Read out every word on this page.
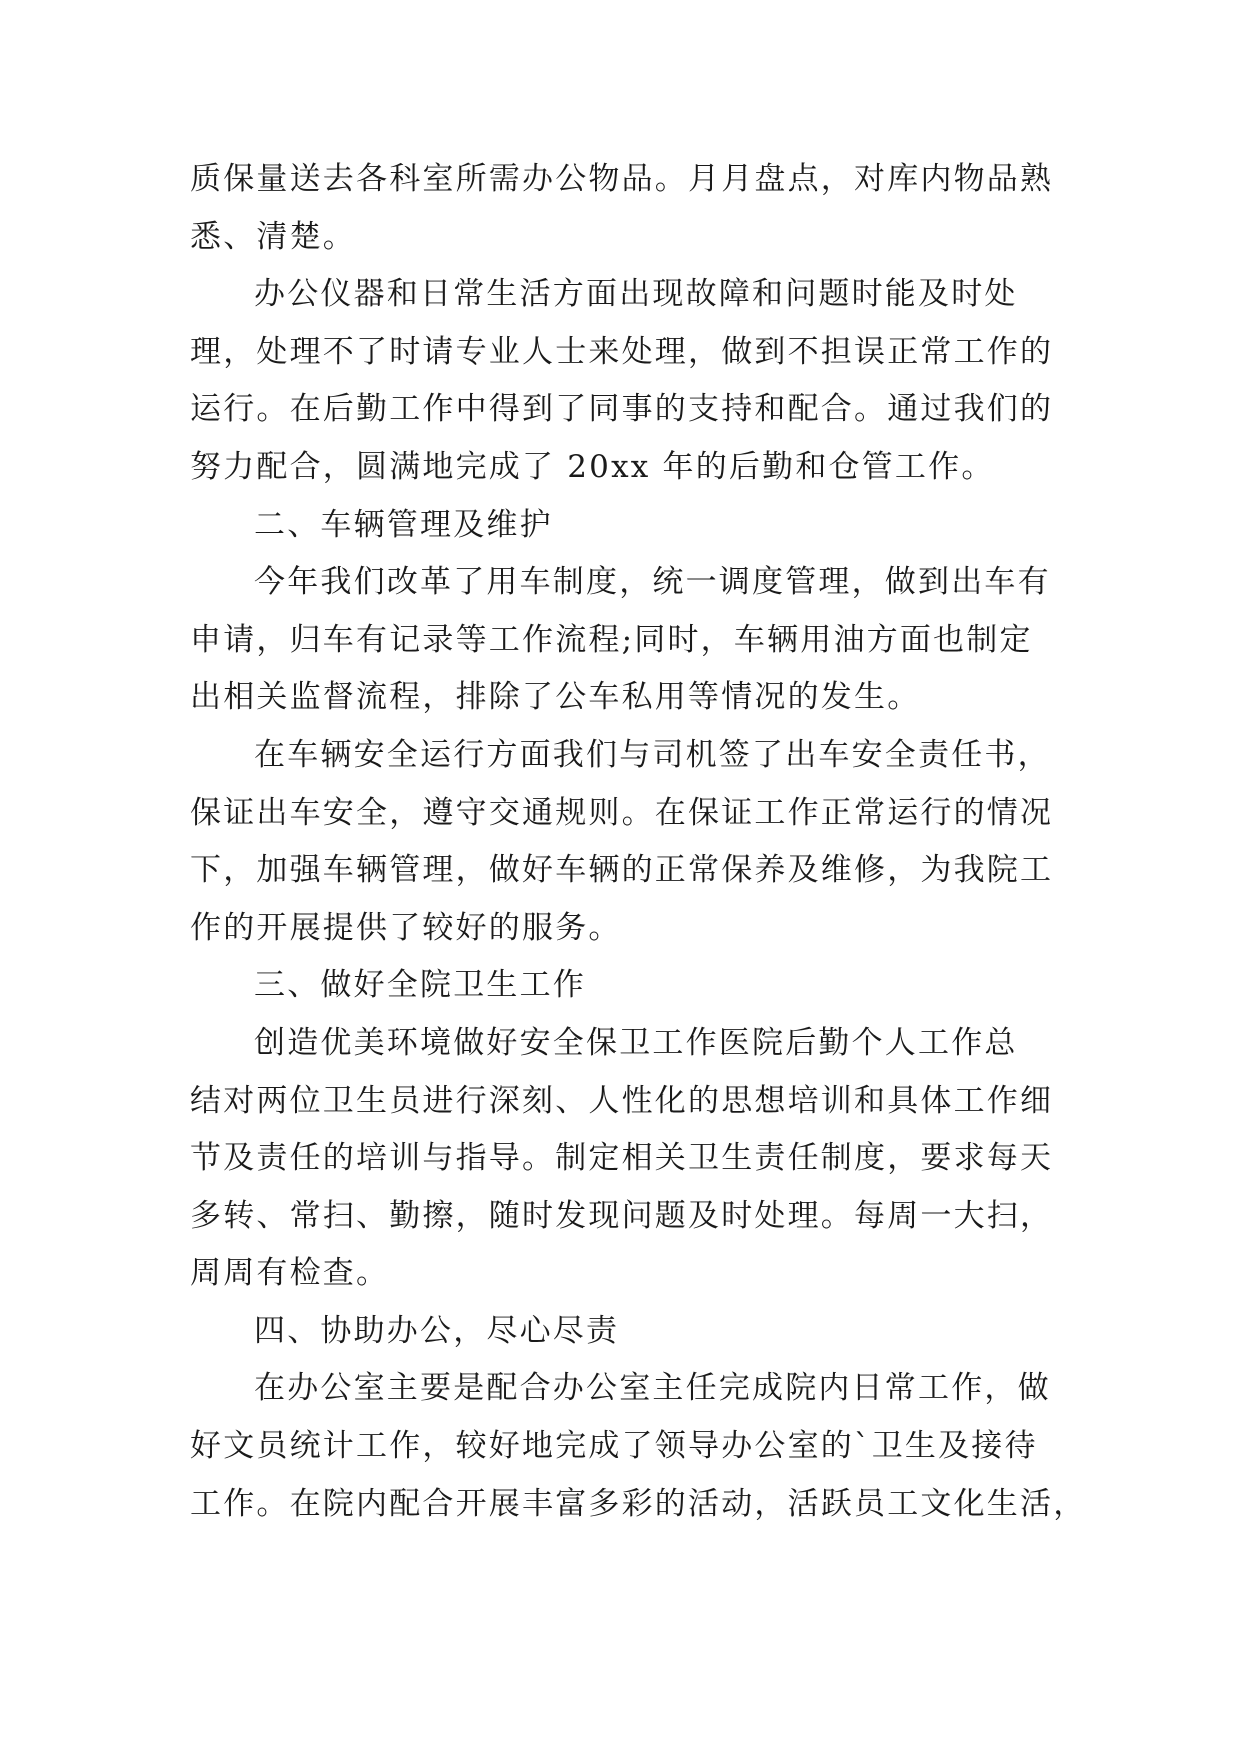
质保量送去各科室所需办公物品。月月盘点，对库内物品熟
悉、清楚。

办公仪器和日常生活方面出现故障和问题时能及时处

理，处理不了时请专业人士来处理，做到不担误正常工作的
运行。在后勤工作中得到了同事的支持和配合。通过我们的
努力配合，圆满地完成了 20xx 年的后勤和仓管工作。

二、车辆管理及维护

今年我们改革了用车制度，统一调度管理，做到出车有

申请，归车有记录等工作流程;同时，车辆用油方面也制定
出相关监督流程，排除了公车私用等情况的发生。

在车辆安全运行方面我们与司机签了出车安全责任书，

保证出车安全，遵守交通规则。在保证工作正常运行的情况
下，加强车辆管理，做好车辆的正常保养及维修，为我院工
作的开展提供了较好的服务。

三、做好全院卫生工作

创造优美环境做好安全保卫工作医院后勤个人工作总

结对两位卫生员进行深刻、人性化的思想培训和具体工作细
节及责任的培训与指导。制定相关卫生责任制度，要求每天
多转、常扫、勤擦，随时发现问题及时处理。每周一大扫，
周周有检查。

四、协助办公，尽心尽责

在办公室主要是配合办公室主任完成院内日常工作，做

好文员统计工作，较好地完成了领导办公室的`卫生及接待
工作。在院内配合开展丰富多彩的活动，活跃员工文化生活，
